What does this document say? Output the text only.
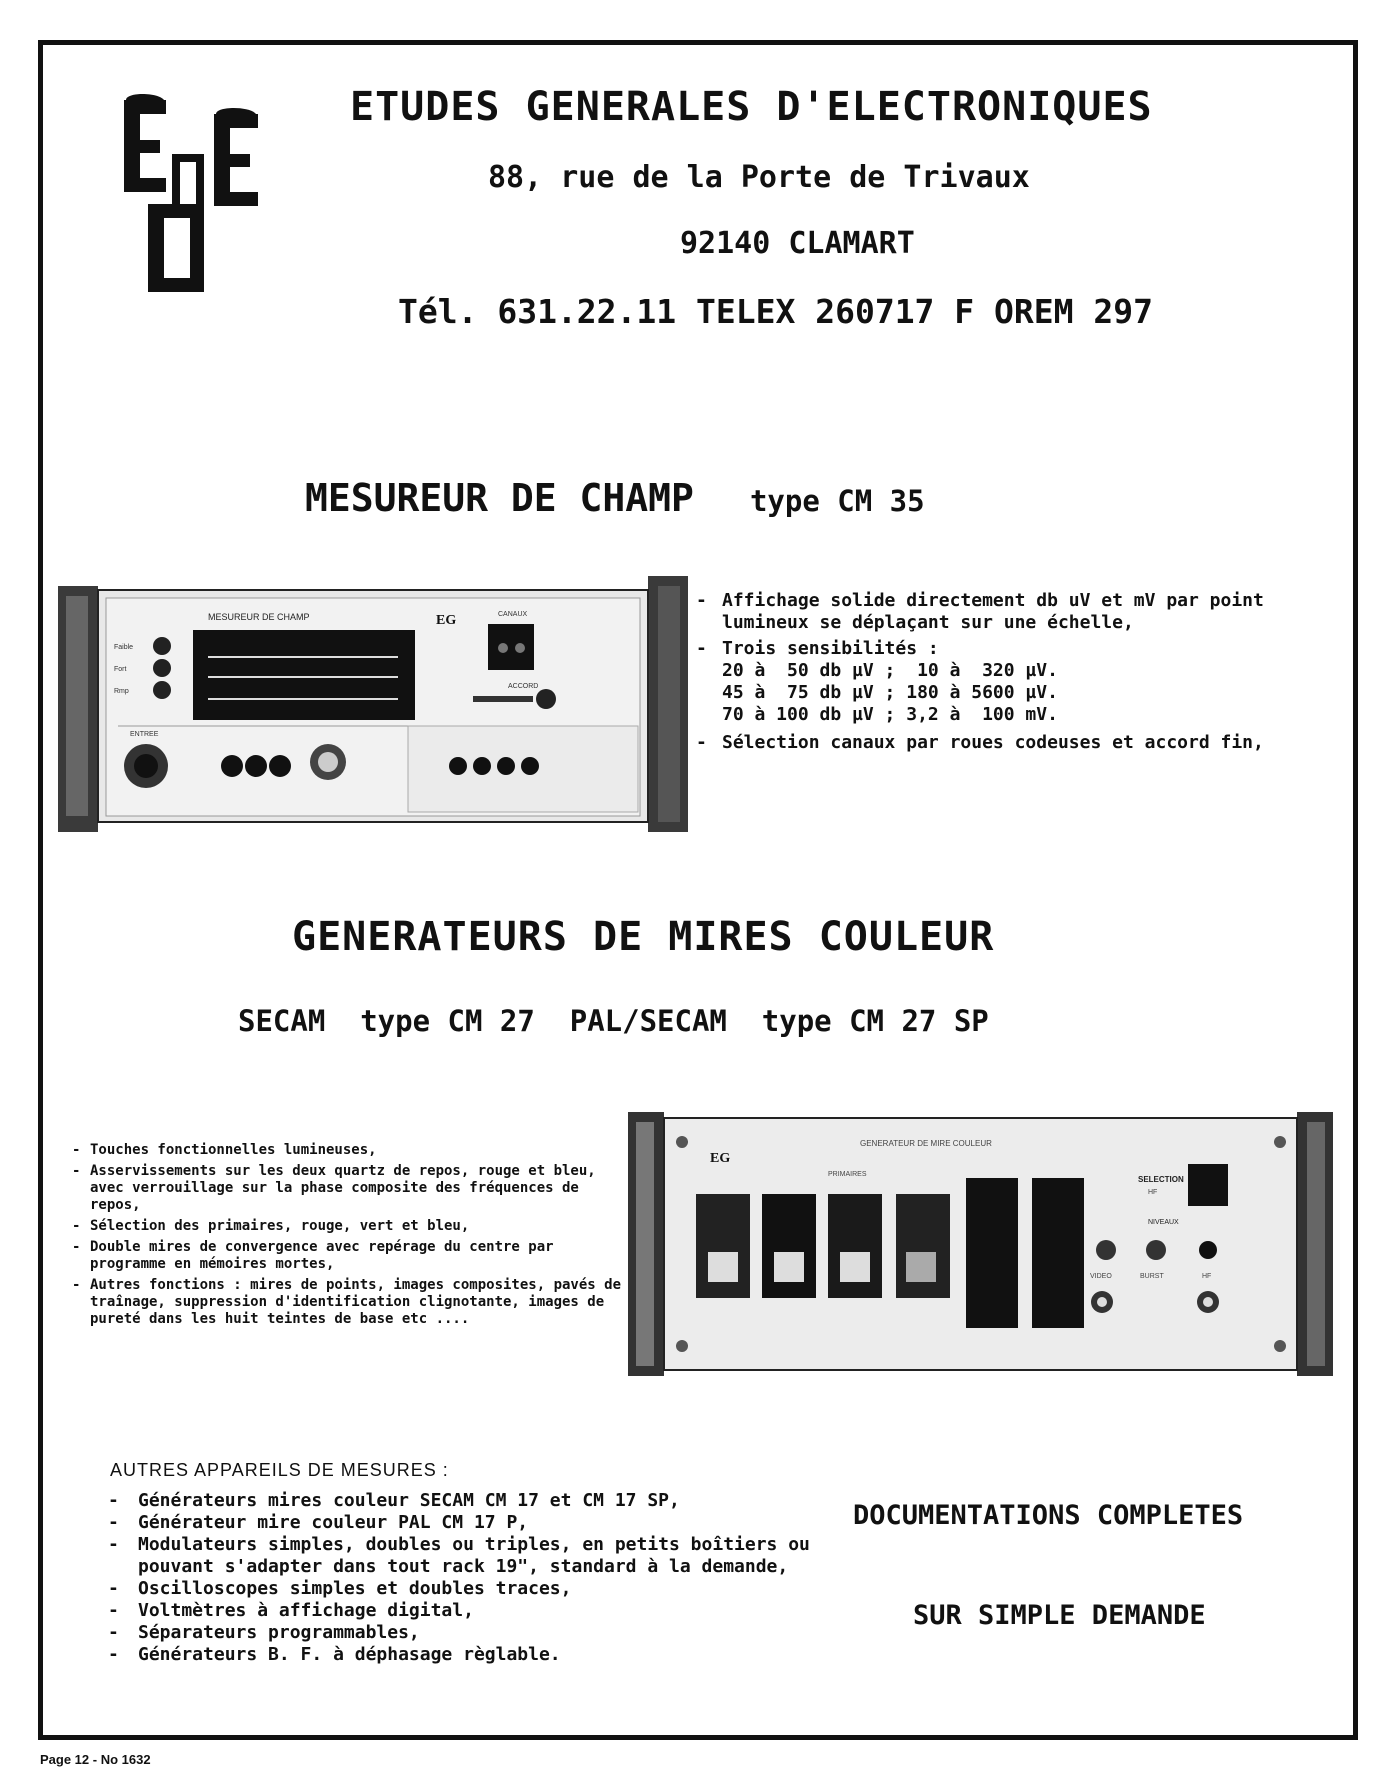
ETUDES GENERALES D'ELECTRONIQUES
88, rue de la Porte de Trivaux
92140 CLAMART
Tél. 631.22.11 TELEX 260717 F OREM 297
MESUREUR DE CHAMP type CM 35
MESUREUR DE CHAMP
Faible
Fort
Rmp
EG	CANAUX
ACCORD
ENTREE
- Affichage solide directement db uV et mV par point lumineux se déplaçant sur une échelle,
- Trois sensibilités :
20 à  50 db µV ;  10 à  320 µV.
45 à  75 db µV ; 180 à 5600 µV.
70 à 100 db µV ; 3,2 à  100 mV.
- Sélection canaux par roues codeuses et accord fin,
GENERATEURS DE MIRES COULEUR
SECAM  type CM 27  PAL/SECAM  type CM 27 SP
- Touches fonctionnelles lumineuses,
- Asservissements sur les deux quartz de repos, rouge et bleu, avec verrouillage sur la phase composite des fréquences de repos,
- Sélection des primaires, rouge, vert et bleu,
- Double mires de convergence avec repérage du centre par programme en mémoires mortes,
- Autres fonctions : mires de points, images composites, pavés de traînage, suppression d'identification clignotante, images de pureté dans les huit teintes de base etc ....
EG
GENERATEUR DE MIRE COULEUR
PRIMAIRES
SELECTION
HF
NIVEAUX
VIDEO	BURST	HF
AUTRES APPAREILS DE MESURES :
- Générateurs mires couleur SECAM CM 17 et CM 17 SP,
- Générateur mire couleur PAL CM 17 P,
- Modulateurs simples, doubles ou triples, en petits boîtiers ou pouvant s'adapter dans tout rack 19", standard à la demande,
- Oscilloscopes simples et doubles traces,
- Voltmètres à affichage digital,
- Séparateurs programmables,
- Générateurs B. F. à déphasage règlable.
DOCUMENTATIONS COMPLETES
SUR SIMPLE DEMANDE
Page 12 - No 1632
